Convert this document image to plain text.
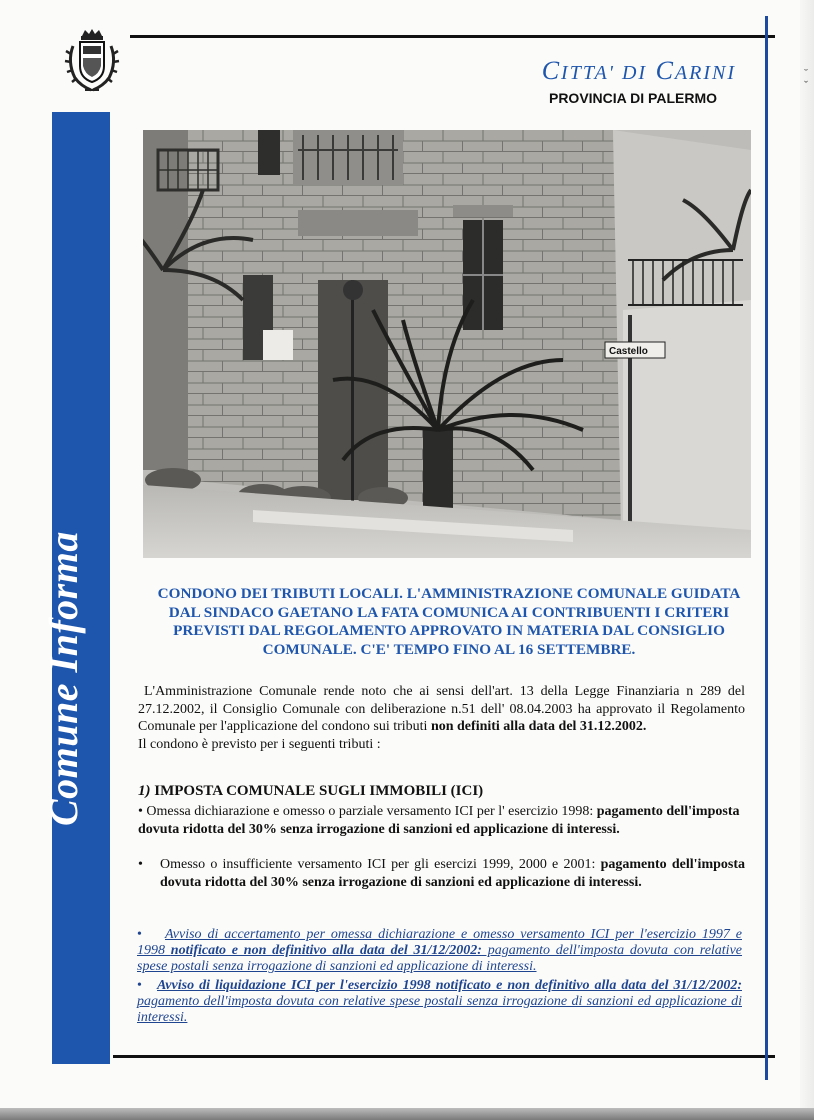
˘
ˇ
CITTA' DI CARINI
PROVINCIA DI PALERMO
Comune Informa
Castello
CONDONO DEI TRIBUTI LOCALI. L'AMMINISTRAZIONE COMUNALE GUIDATA DAL SINDACO GAETANO LA FATA COMUNICA AI CONTRIBUENTI I CRITERI PREVISTI DAL REGOLAMENTO APPROVATO IN MATERIA DAL CONSIGLIO COMUNALE. C'E' TEMPO FINO AL 16 SETTEMBRE.

L'Amministrazione Comunale rende noto che ai sensi dell'art. 13 della Legge Finanziaria n 289 del 27.12.2002, il Consiglio Comunale con deliberazione n.51 dell' 08.04.2003 ha approvato il Regolamento Comunale per l'applicazione del condono sui tributi non definiti alla data del 31.12.2002.

Il condono è previsto per i seguenti tributi :

1) IMPOSTA COMUNALE SUGLI IMMOBILI (ICI)
• Omessa dichiarazione e omesso o parziale versamento ICI per l' esercizio 1998: pagamento dell'imposta dovuta ridotta del 30% senza irrogazione di sanzioni ed applicazione di interessi.
•	Omesso o insufficiente versamento ICI per gli esercizi 1999, 2000 e 2001: pagamento dell'imposta dovuta ridotta del 30% senza irrogazione di sanzioni ed applicazione di interessi.
• Avviso di accertamento per omessa dichiarazione e omesso versamento ICI per l'esercizio 1997 e 1998 notificato e non definitivo alla data del 31/12/2002: pagamento dell'imposta dovuta con relative spese postali senza irrogazione di sanzioni ed applicazione di interessi.
• Avviso di liquidazione ICI per l'esercizio 1998 notificato e non definitivo alla data del 31/12/2002: pagamento dell'imposta dovuta con relative spese postali senza irrogazione di sanzioni ed applicazione di interessi.
